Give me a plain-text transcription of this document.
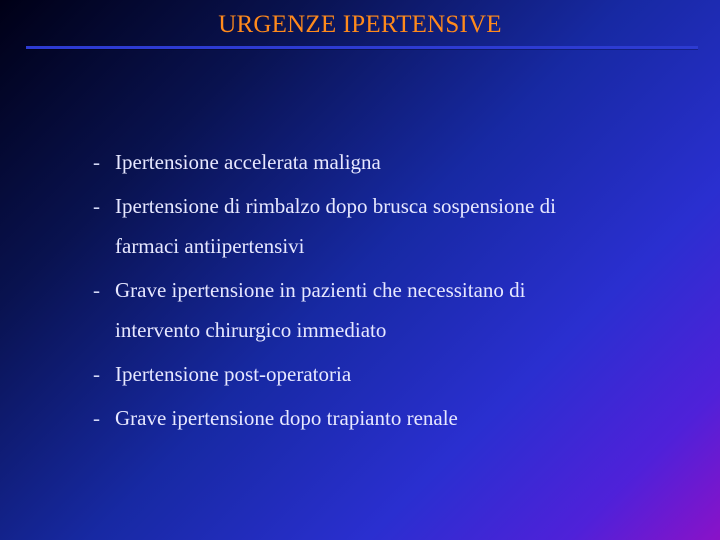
URGENZE IPERTENSIVE
- Ipertensione accelerata maligna
- Ipertensione di rimbalzo dopo brusca sospensione di farmaci antiipertensivi
- Grave ipertensione in pazienti che necessitano di intervento chirurgico immediato
- Ipertensione post-operatoria
- Grave ipertensione dopo trapianto renale
